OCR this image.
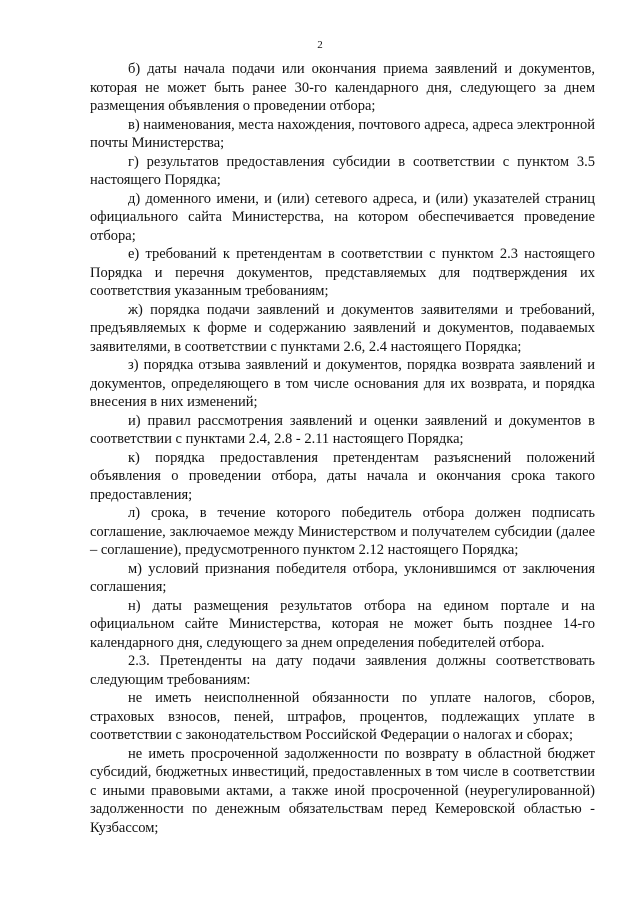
2

б) даты начала подачи или окончания приема заявлений и документов, которая не может быть ранее 30-го календарного дня, следующего за днем размещения объявления о проведении отбора;

в) наименования, места нахождения, почтового адреса, адреса электронной почты Министерства;

г) результатов предоставления субсидии в соответствии с пунктом 3.5 настоящего Порядка;

д) доменного имени, и (или) сетевого адреса, и (или) указателей страниц официального сайта Министерства, на котором обеспечивается проведение отбора;

е) требований к претендентам в соответствии с пунктом 2.3 настоящего Порядка и перечня документов, представляемых для подтверждения их соответствия указанным требованиям;

ж) порядка подачи заявлений и документов заявителями и требований, предъявляемых к форме и содержанию заявлений и документов, подаваемых заявителями, в соответствии с пунктами 2.6, 2.4 настоящего Порядка;

з) порядка отзыва заявлений и документов, порядка возврата заявлений и документов, определяющего в том числе основания для их возврата, и порядка внесения в них изменений;

и) правил рассмотрения заявлений и оценки заявлений и документов в соответствии с пунктами 2.4, 2.8 - 2.11 настоящего Порядка;

к) порядка предоставления претендентам разъяснений положений объявления о проведении отбора, даты начала и окончания срока такого предоставления;

л) срока, в течение которого победитель отбора должен подписать соглашение, заключаемое между Министерством и получателем субсидии (далее – соглашение), предусмотренного пунктом 2.12 настоящего Порядка;

м) условий признания победителя отбора, уклонившимся от заключения соглашения;

н) даты размещения результатов отбора на едином портале и на официальном сайте Министерства, которая не может быть позднее 14-го календарного дня, следующего за днем определения победителей отбора.

2.3. Претенденты на дату подачи заявления должны соответствовать следующим требованиям:

не иметь неисполненной обязанности по уплате налогов, сборов, страховых взносов, пеней, штрафов, процентов, подлежащих уплате в соответствии с законодательством Российской Федерации о налогах и сборах;

не иметь просроченной задолженности по возврату в областной бюджет субсидий, бюджетных инвестиций, предоставленных в том числе в соответствии с иными правовыми актами, а также иной просроченной (неурегулированной) задолженности по денежным обязательствам перед Кемеровской областью - Кузбассом;
